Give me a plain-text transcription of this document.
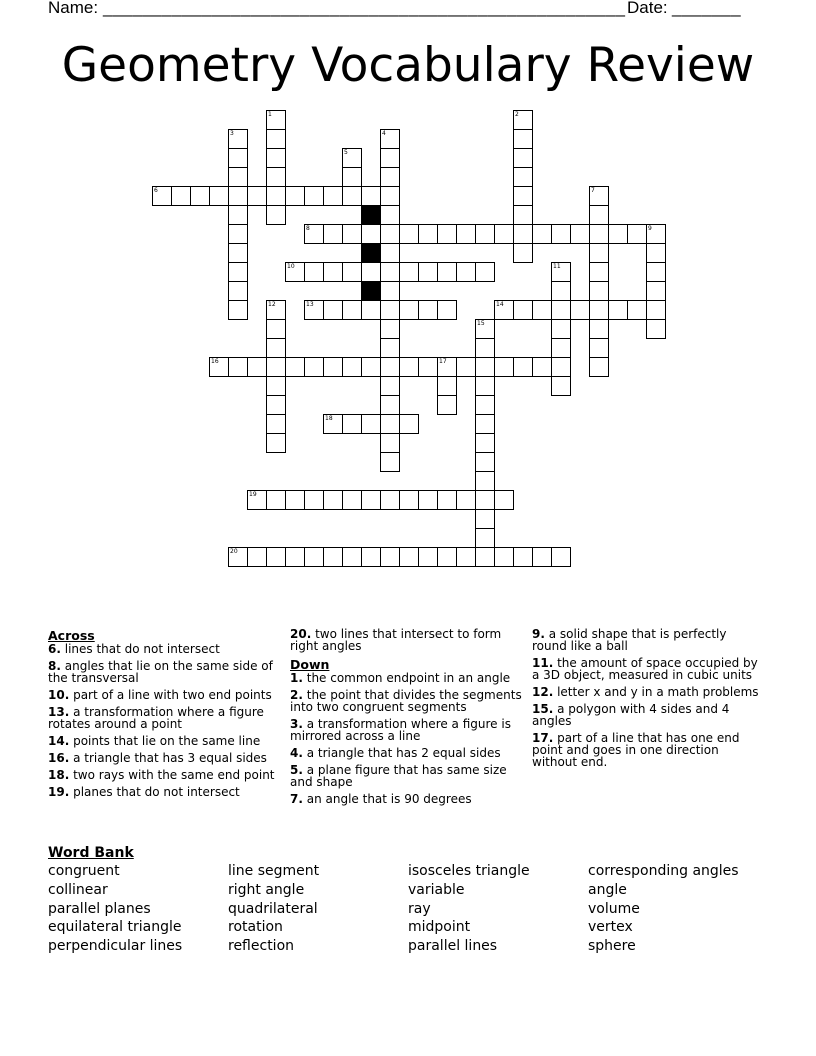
Name: _____________________________________________________ Date: _______
Geometry Vocabulary Review
1	2
3	4
5
6	7
8	9
10	11
12	13	14
15
16	17
18
19
20
Across
6. lines that do not intersect
8. angles that lie on the same side of the transversal
10. part of a line with two end points
13. a transformation where a figure rotates around a point
14. points that lie on the same line
16. a triangle that has 3 equal sides
18. two rays with the same end point
19. planes that do not intersect
20. two lines that intersect to form right angles
Down
1. the common endpoint in an angle
2. the point that divides the segments into two congruent segments
3. a transformation where a figure is mirrored across a line
4. a triangle that has 2 equal sides
5. a plane figure that has same size and shape
7. an angle that is 90 degrees
9. a solid shape that is perfectly round like a ball
11. the amount of space occupied by a 3D object, measured in cubic units
12. letter x and y in a math problems
15. a polygon with 4 sides and 4 angles
17. part of a line that has one end point and goes in one direction without end.
Word Bank
congruent
collinear
parallel planes
equilateral triangle
perpendicular lines
line segment
right angle
quadrilateral
rotation
reflection
isosceles triangle
variable
ray
midpoint
parallel lines
corresponding angles
angle
volume
vertex
sphere
